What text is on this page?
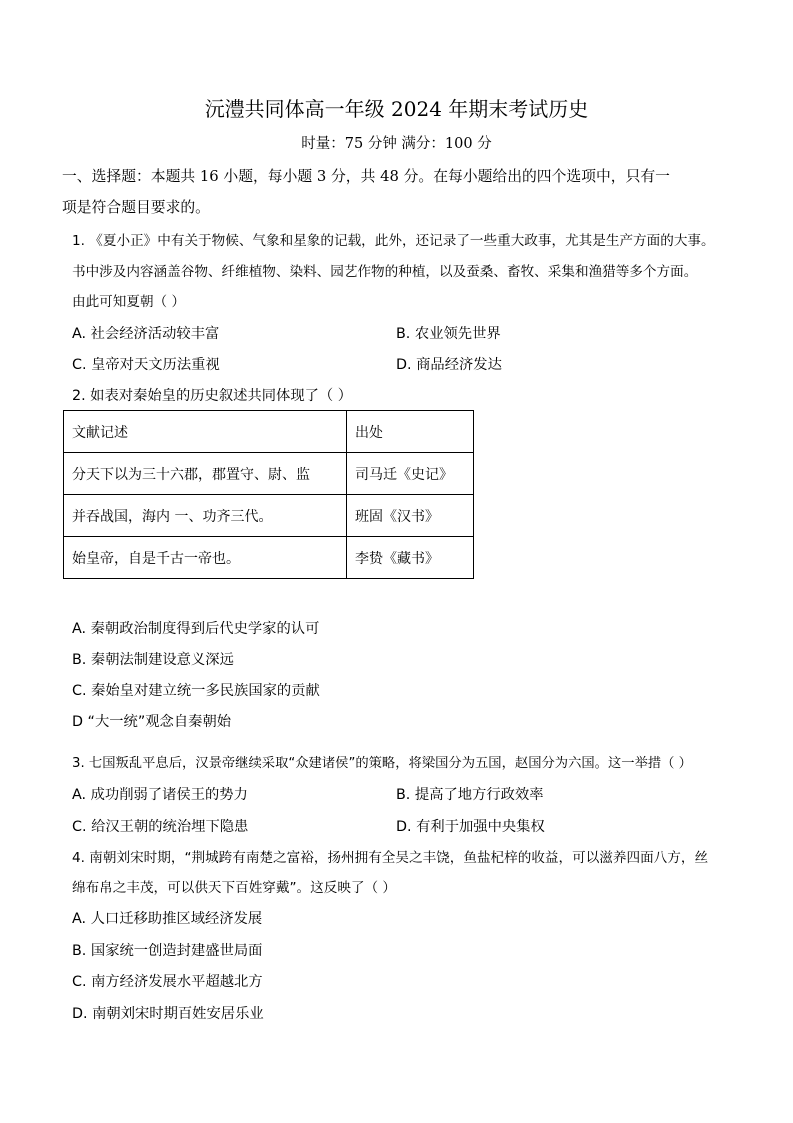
沅澧共同体高一年级 2024 年期末考试历史
时量：75 分钟 满分：100 分
一、选择题：本题共 16 小题，每小题 3 分，共 48 分。在每小题给出的四个选项中，只有一
项是符合题目要求的。
1. 《夏小正》中有关于物候、气象和星象的记载，此外，还记录了一些重大政事，尤其是生产方面的大事。
书中涉及内容涵盖谷物、纤维植物、染料、园艺作物的种植，以及蚕桑、畜牧、采集和渔猎等多个方面。
由此可知夏朝（ ）
A. 社会经济活动较丰富	B. 农业领先世界
C. 皇帝对天文历法重视	D. 商品经济发达
2. 如表对秦始皇的历史叙述共同体现了（ ）
文献记述	出处
分天下以为三十六郡，郡置守、尉、监	司马迁《史记》
并吞战国，海内 一、功齐三代。	班固《汉书》
始皇帝，自是千古一帝也。	李贽《藏书》
A. 秦朝政治制度得到后代史学家的认可
B. 秦朝法制建设意义深远
C. 秦始皇对建立统一多民族国家的贡献
D “大一统”观念自秦朝始
3. 七国叛乱平息后，汉景帝继续采取“众建诸侯”的策略，将梁国分为五国，赵国分为六国。这一举措（ ）
A. 成功削弱了诸侯王的势力	B. 提高了地方行政效率
C. 给汉王朝的统治埋下隐患	D. 有利于加强中央集权
4. 南朝刘宋时期，“荆城跨有南楚之富裕，扬州拥有全吴之丰饶，鱼盐杞梓的收益，可以滋养四面八方，丝
绵布帛之丰茂，可以供天下百姓穿戴”。这反映了（ ）
A. 人口迁移助推区域经济发展
B. 国家统一创造封建盛世局面
C. 南方经济发展水平超越北方
D. 南朝刘宋时期百姓安居乐业
